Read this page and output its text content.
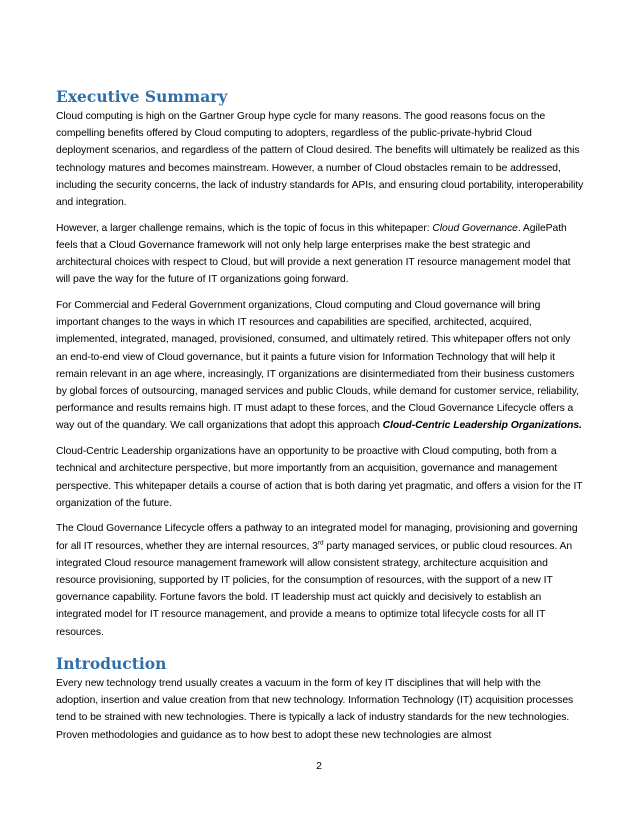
Executive Summary

Cloud computing is high on the Gartner Group hype cycle for many reasons. The good reasons focus on the compelling benefits offered by Cloud computing to adopters, regardless of the public-private-hybrid Cloud deployment scenarios, and regardless of the pattern of Cloud desired. The benefits will ultimately be realized as this technology matures and becomes mainstream. However, a number of Cloud obstacles remain to be addressed, including the security concerns, the lack of industry standards for APIs, and ensuring cloud portability, interoperability and integration.

However, a larger challenge remains, which is the topic of focus in this whitepaper: Cloud Governance. AgilePath feels that a Cloud Governance framework will not only help large enterprises make the best strategic and architectural choices with respect to Cloud, but will provide a next generation IT resource management model that will pave the way for the future of IT organizations going forward.

For Commercial and Federal Government organizations, Cloud computing and Cloud governance will bring important changes to the ways in which IT resources and capabilities are specified, architected, acquired, implemented, integrated, managed, provisioned, consumed, and ultimately retired. This whitepaper offers not only an end-to-end view of Cloud governance, but it paints a future vision for Information Technology that will help it remain relevant in an age where, increasingly, IT organizations are disintermediated from their business customers by global forces of outsourcing, managed services and public Clouds, while demand for customer service, reliability, performance and results remains high. IT must adapt to these forces, and the Cloud Governance Lifecycle offers a way out of the quandary. We call organizations that adopt this approach Cloud-Centric Leadership Organizations.

Cloud-Centric Leadership organizations have an opportunity to be proactive with Cloud computing, both from a technical and architecture perspective, but more importantly from an acquisition, governance and management perspective. This whitepaper details a course of action that is both daring yet pragmatic, and offers a vision for the IT organization of the future.

The Cloud Governance Lifecycle offers a pathway to an integrated model for managing, provisioning and governing for all IT resources, whether they are internal resources, 3rd party managed services, or public cloud resources. An integrated Cloud resource management framework will allow consistent strategy, architecture acquisition and resource provisioning, supported by IT policies, for the consumption of resources, with the support of a new IT governance capability. Fortune favors the bold. IT leadership must act quickly and decisively to establish an integrated model for IT resource management, and provide a means to optimize total lifecycle costs for all IT resources.

Introduction

Every new technology trend usually creates a vacuum in the form of key IT disciplines that will help with the adoption, insertion and value creation from that new technology. Information Technology (IT) acquisition processes tend to be strained with new technologies. There is typically a lack of industry standards for the new technologies. Proven methodologies and guidance as to how best to adopt these new technologies are almost

2
